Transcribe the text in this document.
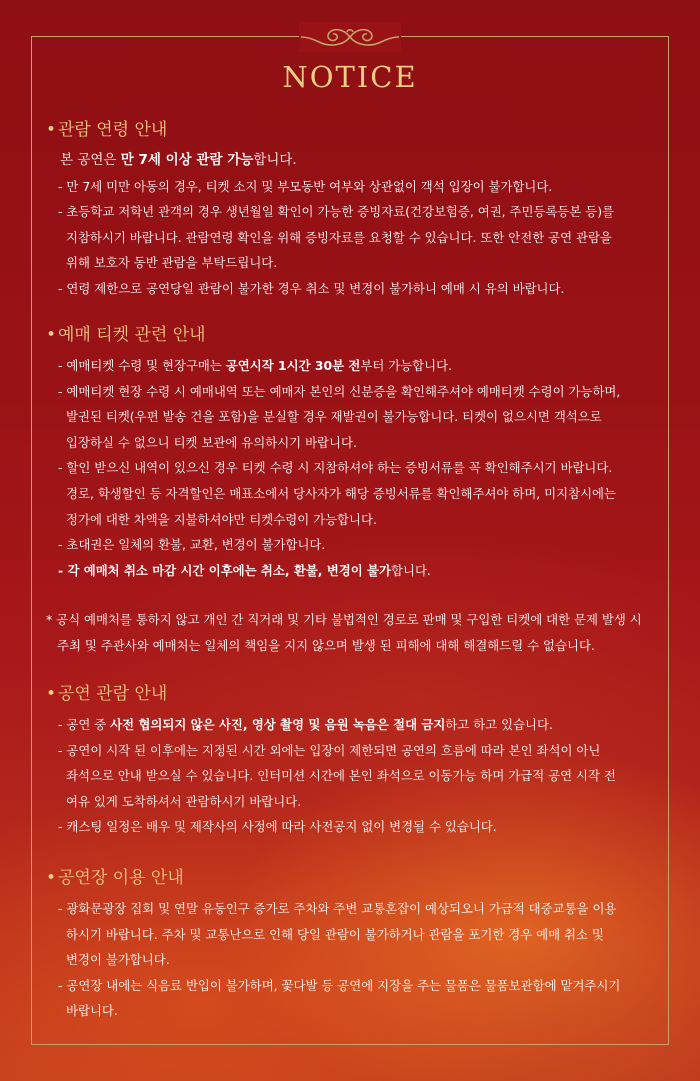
NOTICE
• 관람 연령 안내
본 공연은 만 7세 이상 관람 가능합니다.
- 만 7세 미만 아동의 경우, 티켓 소지 및 부모동반 여부와 상관없이 객석 입장이 불가합니다.
- 초등학교 저학년 관객의 경우 생년월일 확인이 가능한 증빙자료(건강보험증, 여권, 주민등록등본 등)를
지참하시기 바랍니다. 관람연령 확인을 위해 증빙자료를 요청할 수 있습니다. 또한 안전한 공연 관람을
위해 보호자 동반 관람을 부탁드립니다.
- 연령 제한으로 공연당일 관람이 불가한 경우 취소 및 변경이 불가하니 예매 시 유의 바랍니다.
• 예매 티켓 관련 안내
- 예매티켓 수령 및 현장구매는 공연시작 1시간 30분 전부터 가능합니다.
- 예매티켓 현장 수령 시 예매내역 또는 예매자 본인의 신분증을 확인해주셔야 예매티켓 수령이 가능하며,
발권된 티켓(우편 발송 건을 포함)을 분실할 경우 재발권이 불가능합니다. 티켓이 없으시면 객석으로
입장하실 수 없으니 티켓 보관에 유의하시기 바랍니다.
- 할인 받으신 내역이 있으신 경우 티켓 수령 시 지참하셔야 하는 증빙서류를 꼭 확인해주시기 바랍니다.
경로, 학생할인 등 자격할인은 매표소에서 당사자가 해당 증빙서류를 확인해주셔야 하며, 미지참시에는
정가에 대한 차액을 지불하셔야만 티켓수령이 가능합니다.
- 초대권은 일체의 환불, 교환, 변경이 불가합니다.
- 각 예매처 취소 마감 시간 이후에는 취소, 환불, 변경이 불가합니다.
* 공식 예매처를 통하지 않고 개인 간 직거래 및 기타 불법적인 경로로 판매 및 구입한 티켓에 대한 문제 발생 시
주최 및 주관사와 예매처는 일체의 책임을 지지 않으며 발생 된 피해에 대해 해결해드릴 수 없습니다.
• 공연 관람 안내
- 공연 중 사전 협의되지 않은 사진, 영상 촬영 및 음원 녹음은 절대 금지하고 하고 있습니다.
- 공연이 시작 된 이후에는 지정된 시간 외에는 입장이 제한되면 공연의 흐름에 따라 본인 좌석이 아닌
좌석으로 안내 받으실 수 있습니다. 인터미션 시간에 본인 좌석으로 이동가능 하며 가급적 공연 시작 전
여유 있게 도착하셔서 관람하시기 바랍니다.
- 캐스팅 일정은 배우 및 제작사의 사정에 따라 사전공지 없이 변경될 수 있습니다.
• 공연장 이용 안내
- 광화문광장 집회 및 연말 유동인구 증가로 주차와 주변 교통혼잡이 예상되오니 가급적 대중교통을 이용
하시기 바랍니다. 주차 및 교통난으로 인해 당일 관람이 불가하거나 관람을 포기한 경우 예매 취소 및
변경이 불가합니다.
- 공연장 내에는 식음료 반입이 불가하며, 꽃다발 등 공연에 지장을 주는 물품은 물품보관함에 맡겨주시기
바랍니다.
